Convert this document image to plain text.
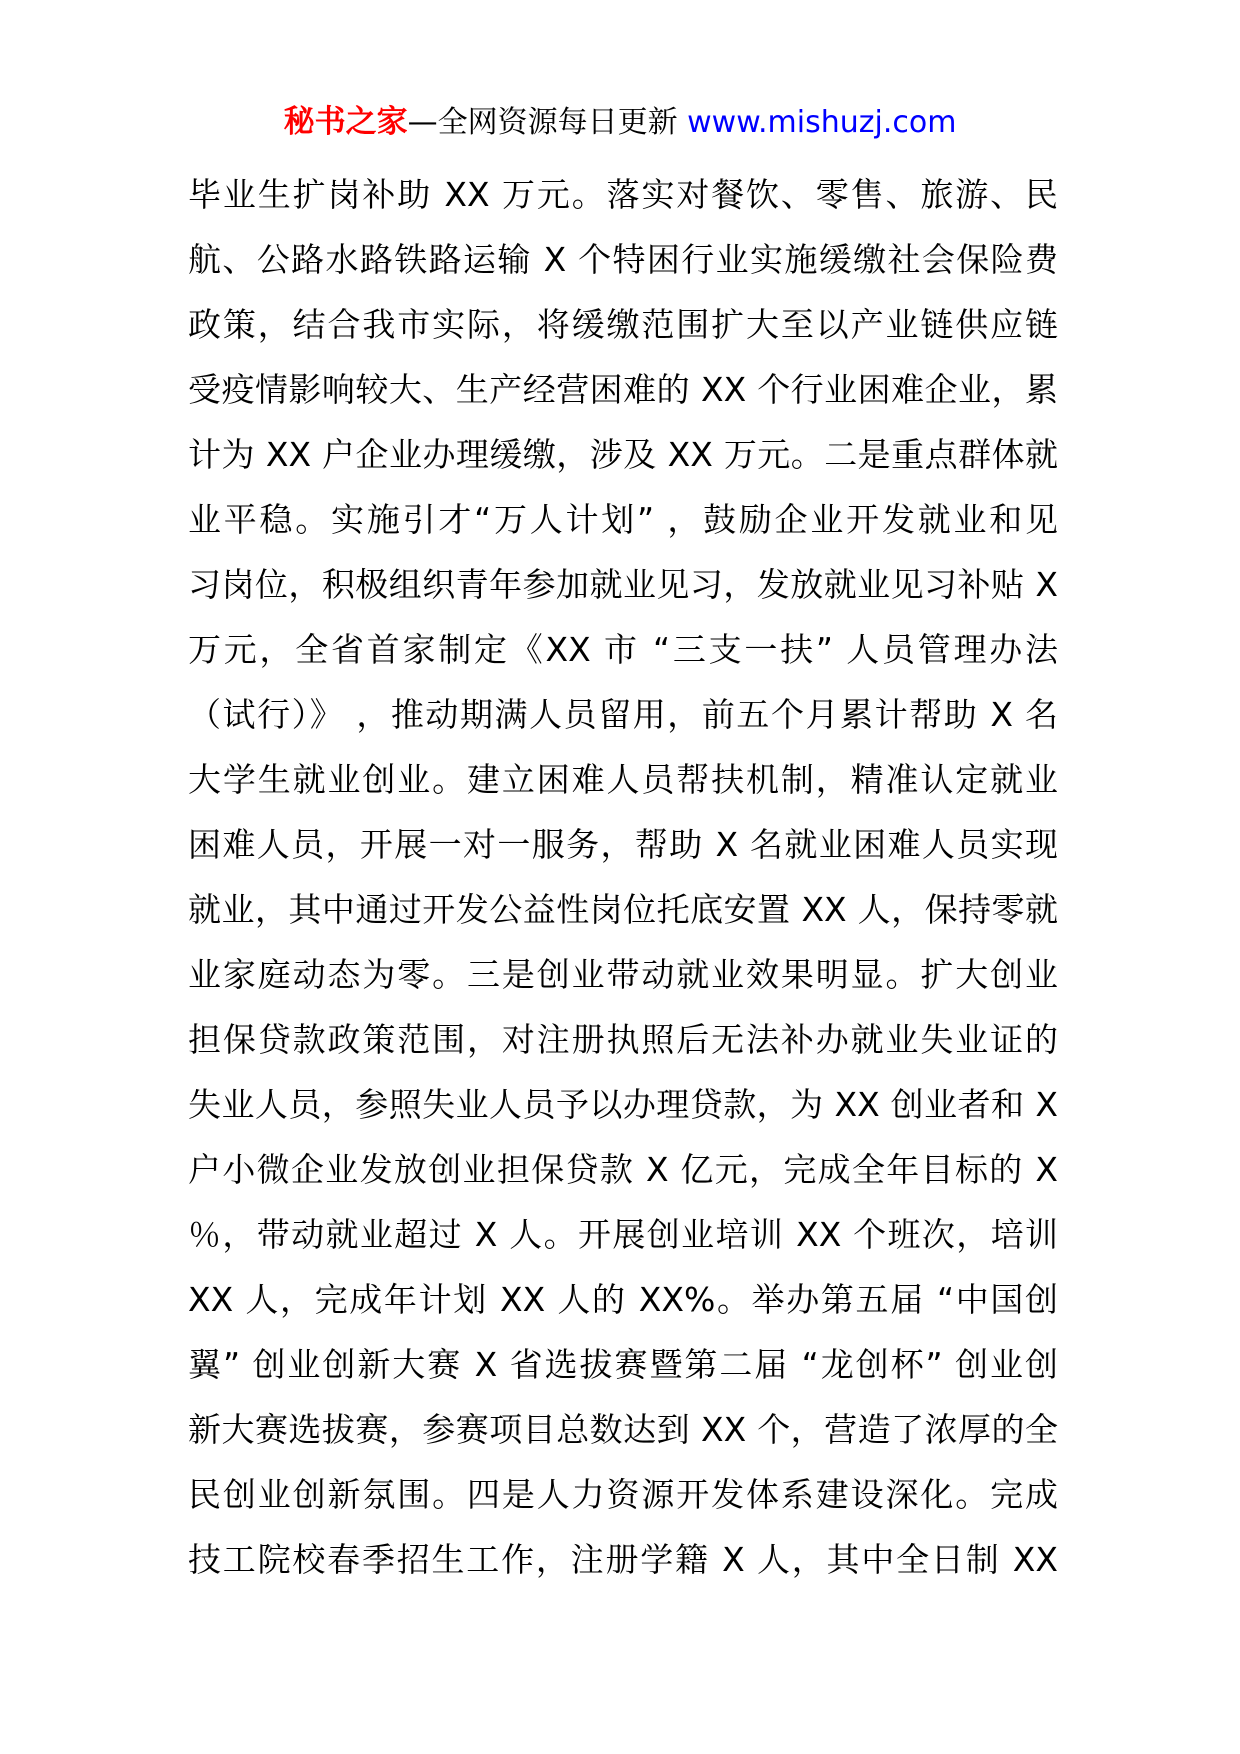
秘书之家—全网资源每日更新 www.mishuzj.com
毕业生扩岗补助 XX 万元。落实对餐饮、零售、旅游、民
航、公路水路铁路运输 X 个特困行业实施缓缴社会保险费
政策，结合我市实际，将缓缴范围扩大至以产业链供应链
受疫情影响较大、生产经营困难的 XX 个行业困难企业，累
计为 XX 户企业办理缓缴，涉及 XX 万元。二是重点群体就
业平稳。实施引才“万人计划” ，鼓励企业开发就业和见
习岗位，积极组织青年参加就业见习，发放就业见习补贴 X
万元，全省首家制定《XX 市 “三支一扶” 人员管理办法
（试行）》 ，推动期满人员留用，前五个月累计帮助 X 名
大学生就业创业。建立困难人员帮扶机制，精准认定就业
困难人员，开展一对一服务，帮助 X 名就业困难人员实现
就业，其中通过开发公益性岗位托底安置 XX 人，保持零就
业家庭动态为零。三是创业带动就业效果明显。扩大创业
担保贷款政策范围，对注册执照后无法补办就业失业证的
失业人员，参照失业人员予以办理贷款，为 XX 创业者和 X
户小微企业发放创业担保贷款 X 亿元，完成全年目标的 X
％，带动就业超过 X 人。开展创业培训 XX 个班次，培训
XX 人，完成年计划 XX 人的 XX%。举办第五届 “中国创
翼” 创业创新大赛 X 省选拔赛暨第二届 “龙创杯” 创业创
新大赛选拔赛，参赛项目总数达到 XX 个，营造了浓厚的全
民创业创新氛围。四是人力资源开发体系建设深化。完成
技工院校春季招生工作，注册学籍 X 人，其中全日制 XX
